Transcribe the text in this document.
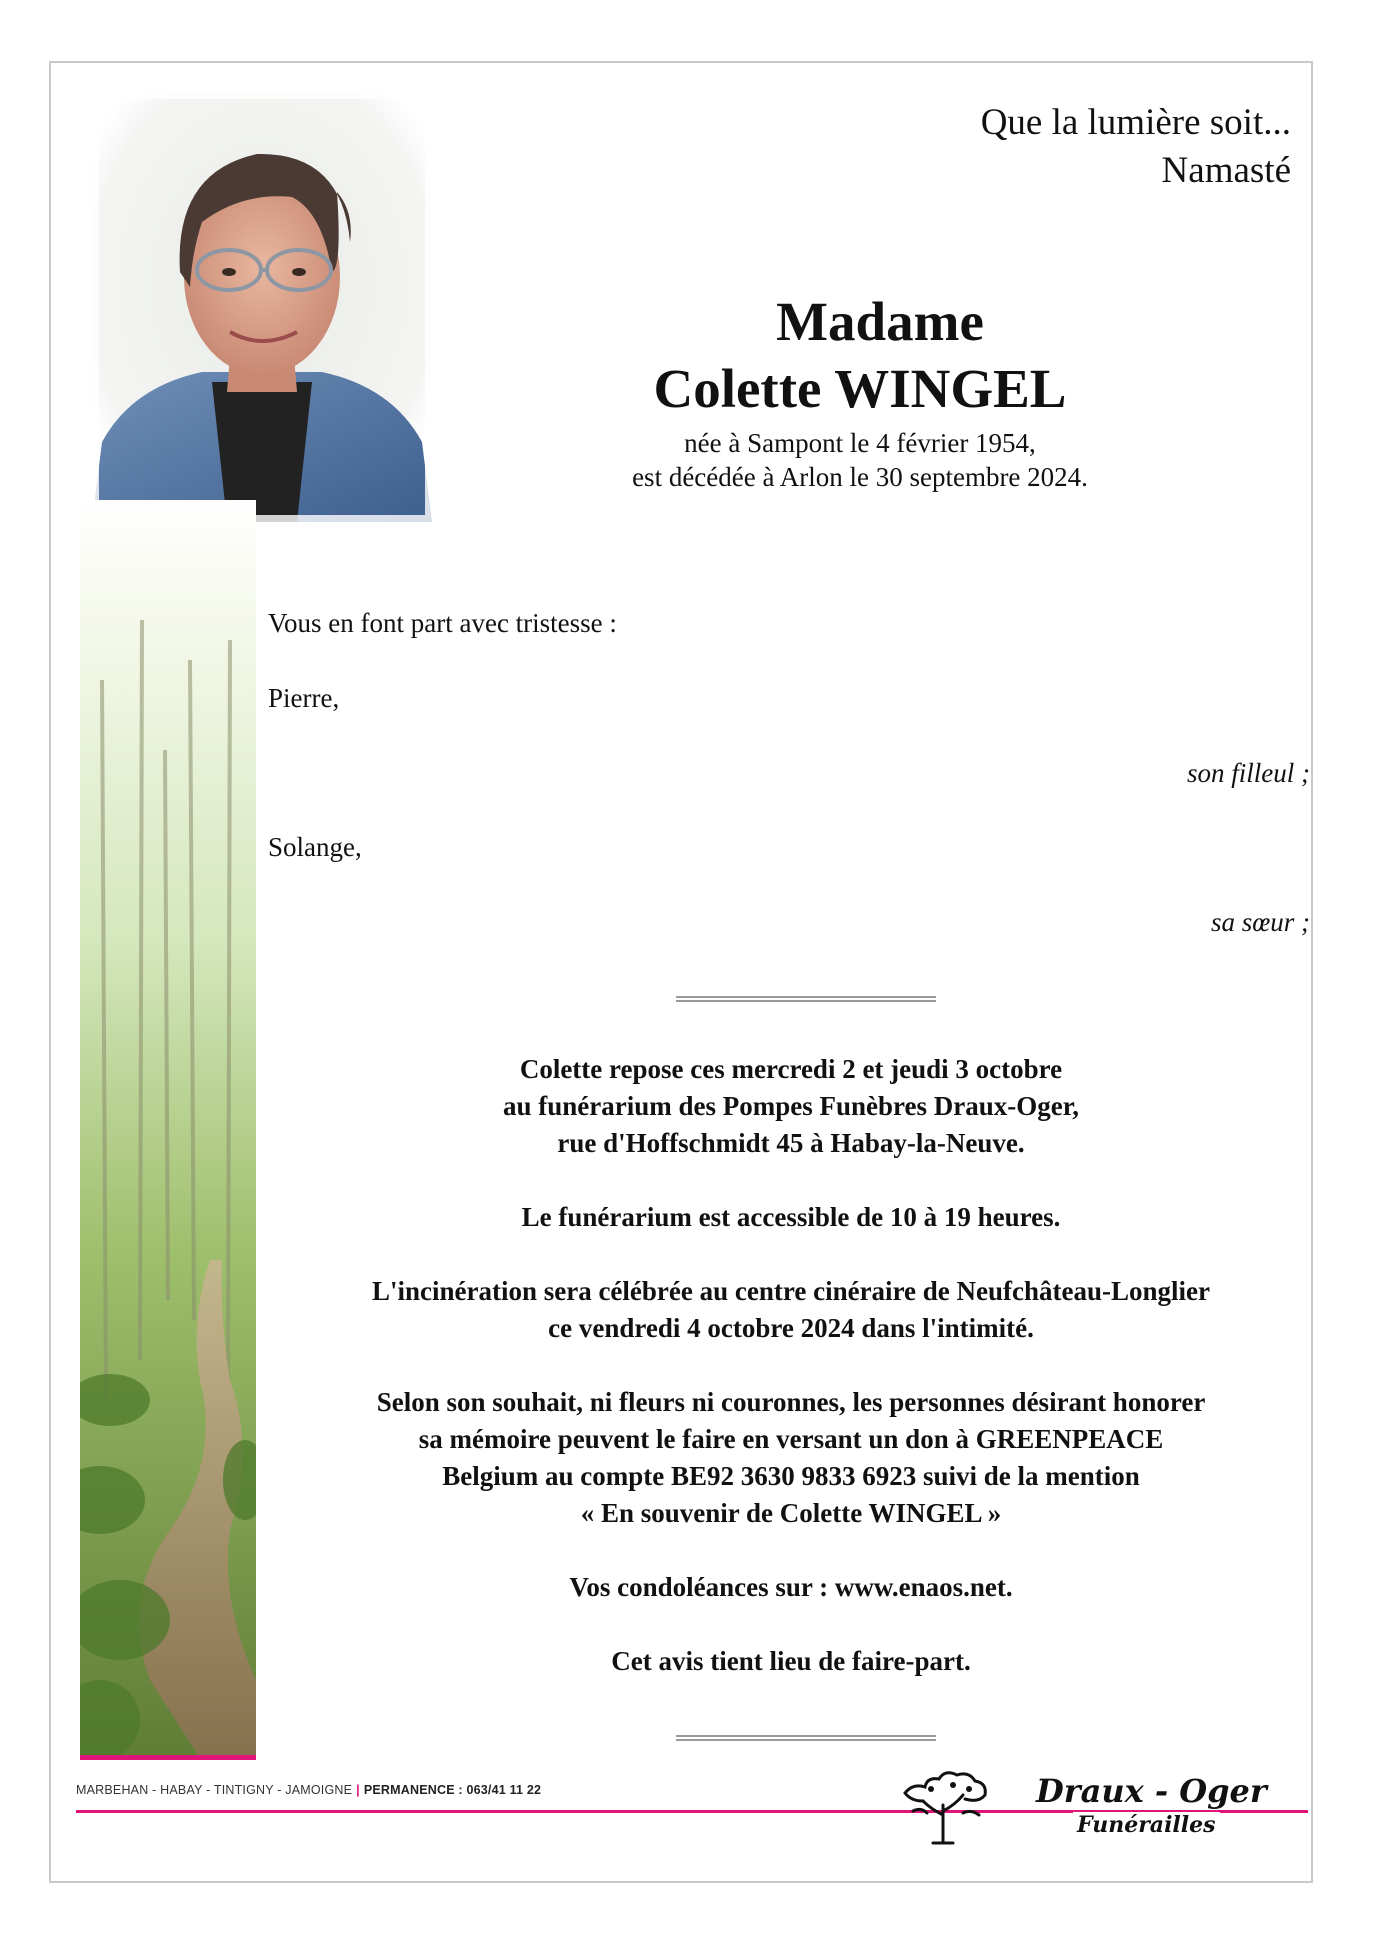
Que la lumière soit...
Namasté
Madame
Colette WINGEL
née à Sampont le 4 février 1954,
est décédée à Arlon le 30 septembre 2024.
Vous en font part avec tristesse :
Pierre,
son filleul ;
Solange,
sa sœur ;

Colette repose ces mercredi 2 et jeudi 3 octobre
au funérarium des Pompes Funèbres Draux-Oger,
rue d'Hoffschmidt 45 à Habay-la-Neuve.

Le funérarium est accessible de 10 à 19 heures.

L'incinération sera célébrée au centre cinéraire de Neufchâteau-Longlier
ce vendredi 4 octobre 2024 dans l'intimité.

Selon son souhait, ni fleurs ni couronnes, les personnes désirant honorer
sa mémoire peuvent le faire en versant un don à GREENPEACE
Belgium au compte BE92 3630 9833 6923 suivi de la mention
« En souvenir de Colette WINGEL »

Vos condoléances sur : www.enaos.net.

Cet avis tient lieu de faire-part.

MARBEHAN - HABAY - TINTIGNY - JAMOIGNE | PERMANENCE : 063/41 11 22	Draux - Oger
Funérailles
